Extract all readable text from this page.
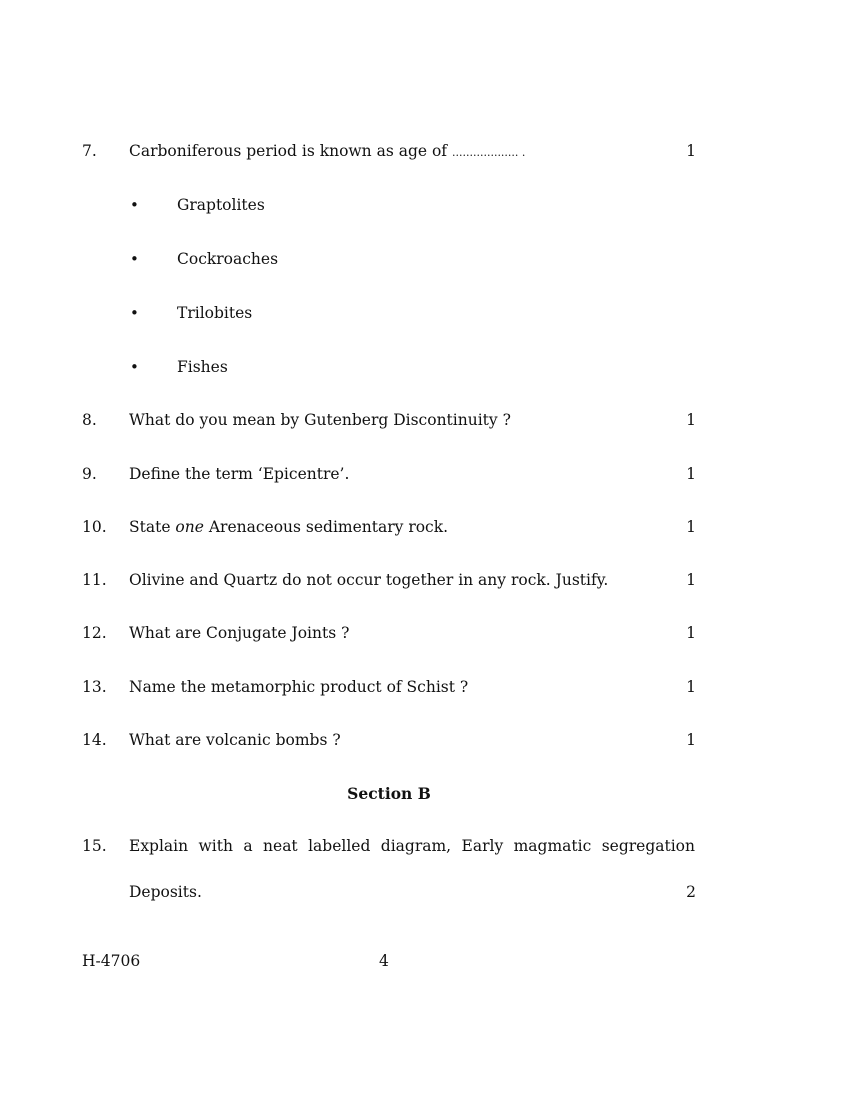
7. Carboniferous period is known as age of ................... .	1
• Graptolites
• Cockroaches
• Trilobites
• Fishes
8. What do you mean by Gutenberg Discontinuity ?	1
9. Define the term ‘Epicentre’.	1
10. State one Arenaceous sedimentary rock.	1
11. Olivine and Quartz do not occur together in any rock. Justify.	1
12. What are Conjugate Joints ?	1
13. Name the metamorphic product of Schist ?	1
14. What are volcanic bombs ?	1
Section B
15. Explain with a neat labelled diagram, Early magmatic segregation
Deposits.	2
H-4706	4
